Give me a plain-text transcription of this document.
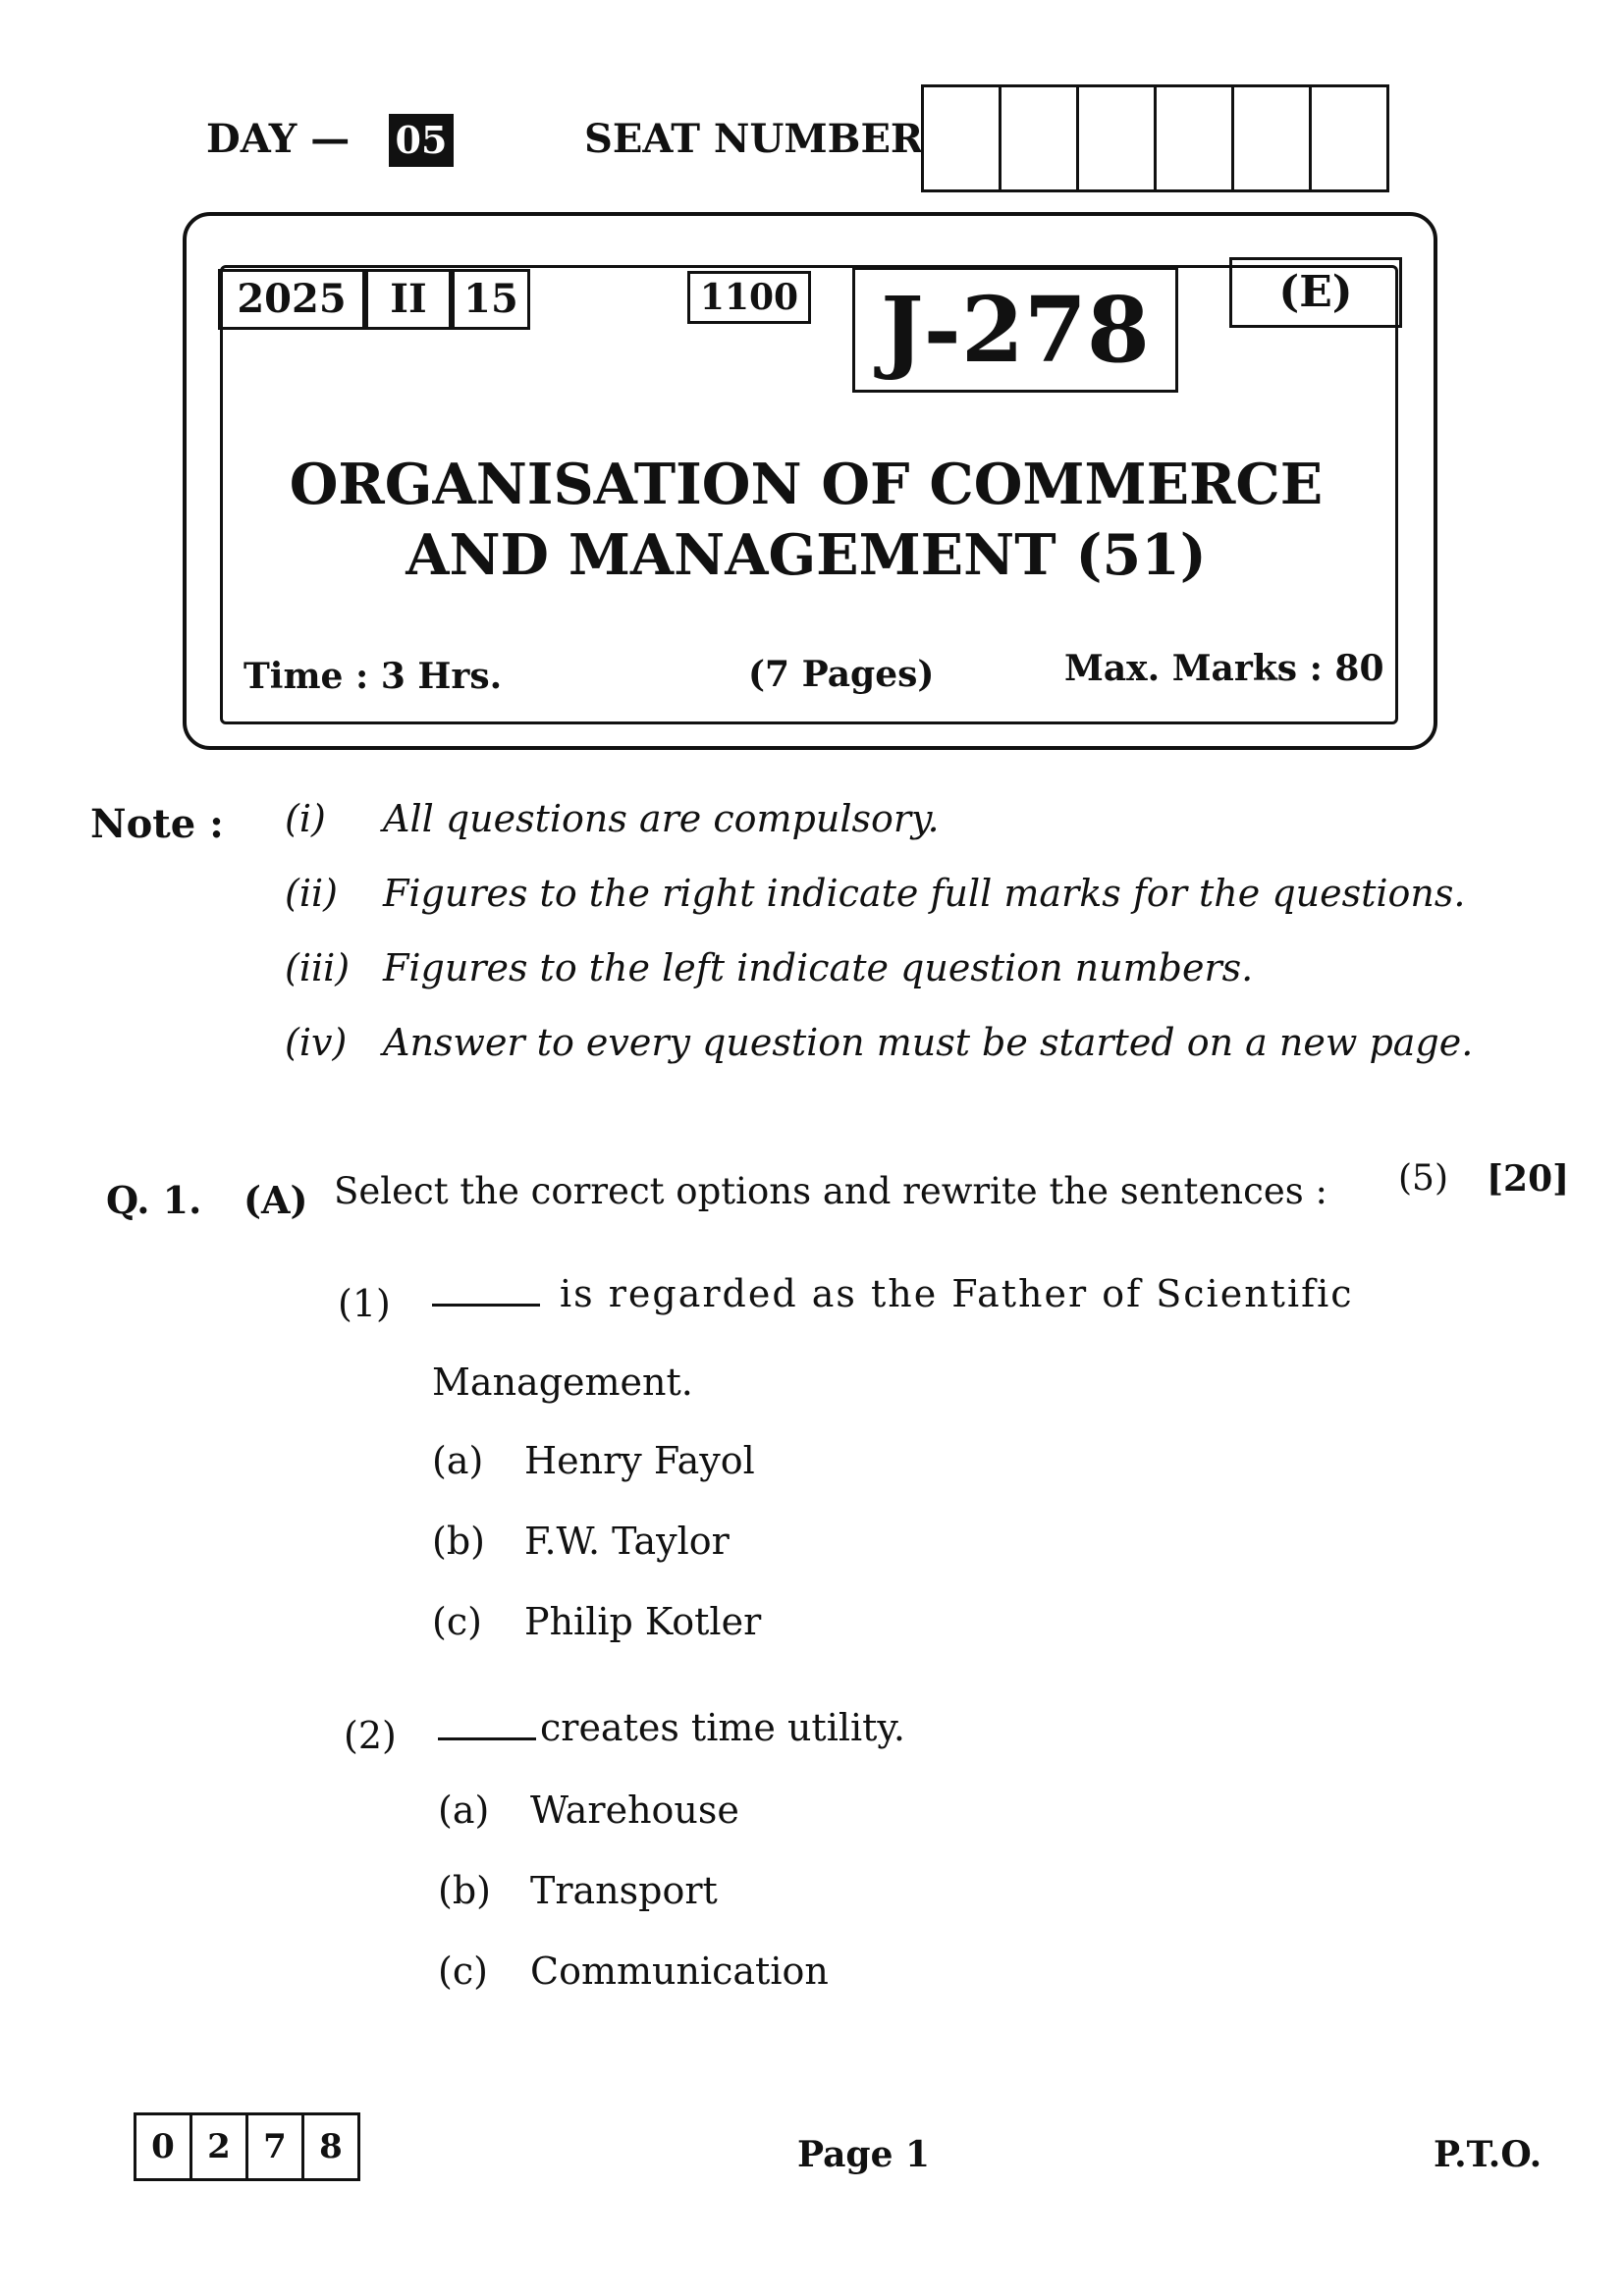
DAY — 05	SEAT NUMBER
2025	II 15	1100 J-278	(E)
ORGANISATION OF COMMERCE
AND MANAGEMENT (51)
Time : 3 Hrs.	(7 Pages)	Max. Marks : 80
Note : (i)	All questions are compulsory.
(ii)	Figures to the right indicate full marks for the questions.
(iii) Figures to the left indicate question numbers.
(iv) Answer to every question must be started on a new page.
Q. 1. (A) Select the correct options and rewrite the sentences : (5) [20]
(1)	is regarded as the Father of Scientific
Management.
(a)	Henry Fayol
(b)	F.W. Taylor
(c)	Philip Kotler
(2)	creates time utility.
(a)	Warehouse
(b)	Transport
(c)	Communication
0 2 7 8	Page 1	P.T.O.
